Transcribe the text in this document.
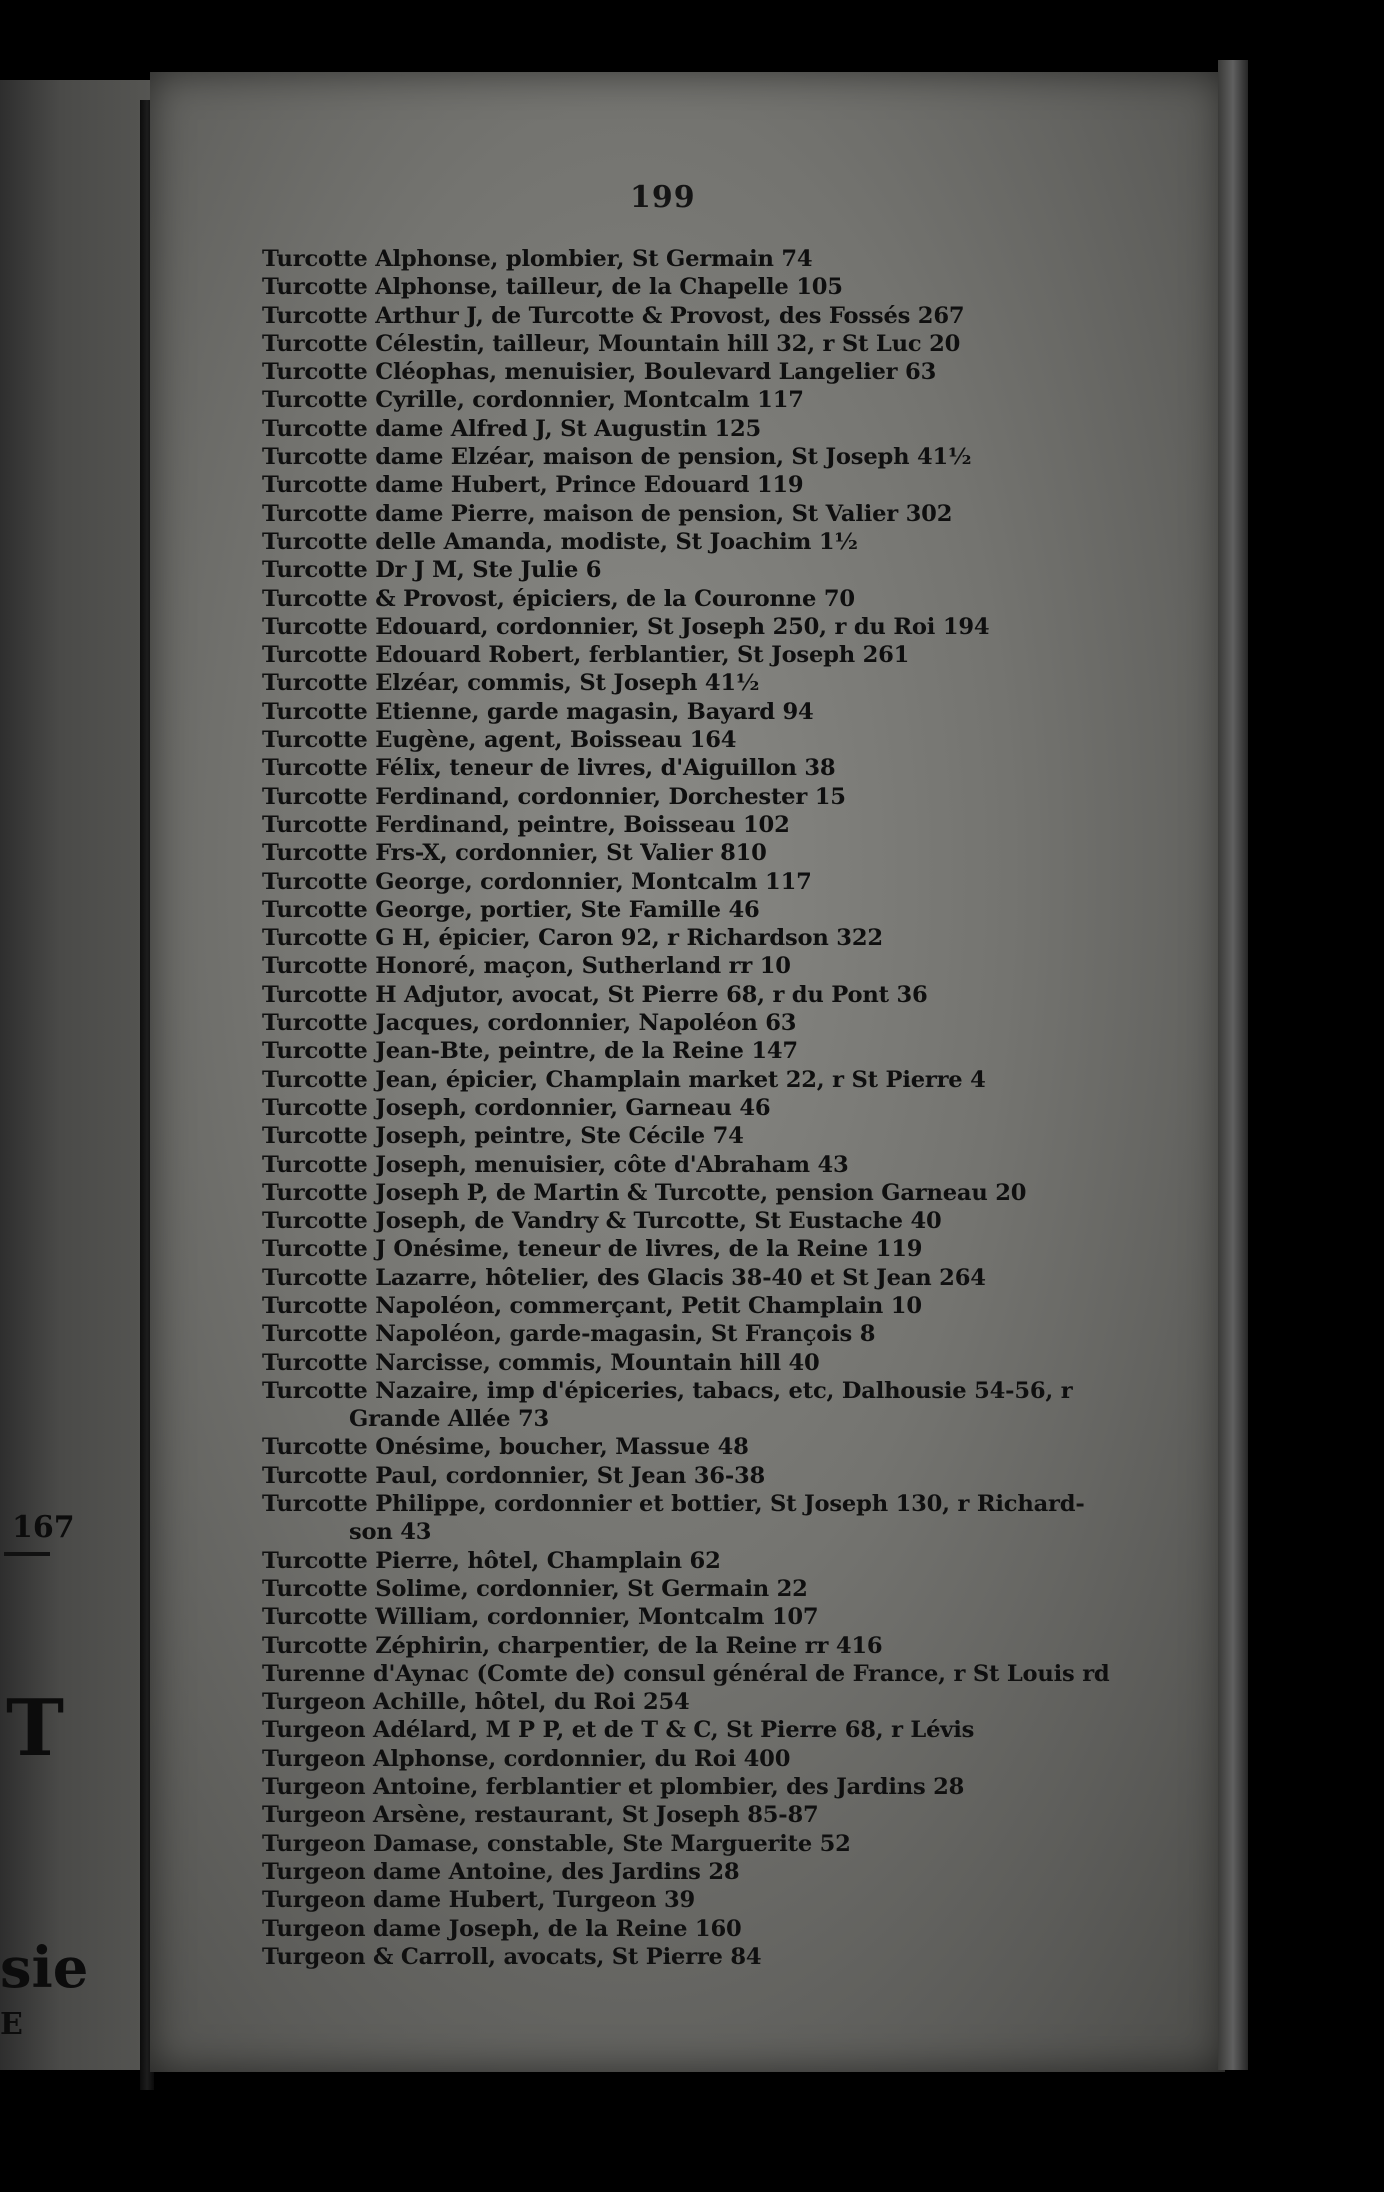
167
T
sie
E
199
Turcotte Alphonse, plombier, St Germain 74
Turcotte Alphonse, tailleur, de la Chapelle 105
Turcotte Arthur J, de Turcotte & Provost, des Fossés 267
Turcotte Célestin, tailleur, Mountain hill 32, r St Luc 20
Turcotte Cléophas, menuisier, Boulevard Langelier 63
Turcotte Cyrille, cordonnier, Montcalm 117
Turcotte dame Alfred J, St Augustin 125
Turcotte dame Elzéar, maison de pension, St Joseph 41½
Turcotte dame Hubert, Prince Edouard 119
Turcotte dame Pierre, maison de pension, St Valier 302
Turcotte delle Amanda, modiste, St Joachim 1½
Turcotte Dr J M, Ste Julie 6
Turcotte & Provost, épiciers, de la Couronne 70
Turcotte Edouard, cordonnier, St Joseph 250, r du Roi 194
Turcotte Edouard Robert, ferblantier, St Joseph 261
Turcotte Elzéar, commis, St Joseph 41½
Turcotte Etienne, garde magasin, Bayard 94
Turcotte Eugène, agent, Boisseau 164
Turcotte Félix, teneur de livres, d'Aiguillon 38
Turcotte Ferdinand, cordonnier, Dorchester 15
Turcotte Ferdinand, peintre, Boisseau 102
Turcotte Frs-X, cordonnier, St Valier 810
Turcotte George, cordonnier, Montcalm 117
Turcotte George, portier, Ste Famille 46
Turcotte G H, épicier, Caron 92, r Richardson 322
Turcotte Honoré, maçon, Sutherland rr 10
Turcotte H Adjutor, avocat, St Pierre 68, r du Pont 36
Turcotte Jacques, cordonnier, Napoléon 63
Turcotte Jean-Bte, peintre, de la Reine 147
Turcotte Jean, épicier, Champlain market 22, r St Pierre 4
Turcotte Joseph, cordonnier, Garneau 46
Turcotte Joseph, peintre, Ste Cécile 74
Turcotte Joseph, menuisier, côte d'Abraham 43
Turcotte Joseph P, de Martin & Turcotte, pension Garneau 20
Turcotte Joseph, de Vandry & Turcotte, St Eustache 40
Turcotte J Onésime, teneur de livres, de la Reine 119
Turcotte Lazarre, hôtelier, des Glacis 38-40 et St Jean 264
Turcotte Napoléon, commerçant, Petit Champlain 10
Turcotte Napoléon, garde-magasin, St François 8
Turcotte Narcisse, commis, Mountain hill 40
Turcotte Nazaire, imp d'épiceries, tabacs, etc, Dalhousie 54-56, r
Grande Allée 73
Turcotte Onésime, boucher, Massue 48
Turcotte Paul, cordonnier, St Jean 36-38
Turcotte Philippe, cordonnier et bottier, St Joseph 130, r Richard-
son 43
Turcotte Pierre, hôtel, Champlain 62
Turcotte Solime, cordonnier, St Germain 22
Turcotte William, cordonnier, Montcalm 107
Turcotte Zéphirin, charpentier, de la Reine rr 416
Turenne d'Aynac (Comte de) consul général de France, r St Louis rd
Turgeon Achille, hôtel, du Roi 254
Turgeon Adélard, M P P, et de T & C, St Pierre 68, r Lévis
Turgeon Alphonse, cordonnier, du Roi 400
Turgeon Antoine, ferblantier et plombier, des Jardins 28
Turgeon Arsène, restaurant, St Joseph 85-87
Turgeon Damase, constable, Ste Marguerite 52
Turgeon dame Antoine, des Jardins 28
Turgeon dame Hubert, Turgeon 39
Turgeon dame Joseph, de la Reine 160
Turgeon & Carroll, avocats, St Pierre 84
